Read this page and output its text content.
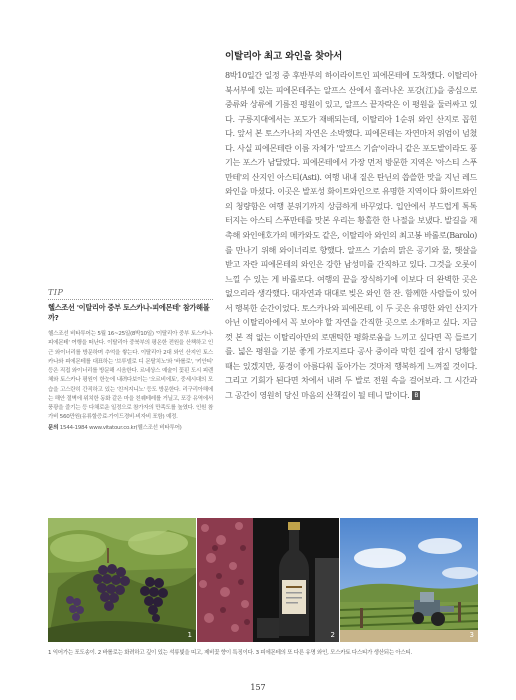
TIP

헬스조선 '이탈리아 중부 토스카나-피에몬테' 참가해볼까?

헬스조선 비타투어는 5월 16~25일(8박10일) '이탈리아 중부 토스카나-피에몬테' 여행을 떠난다. 이탈리아 중북부의 평온한 전원을 산책하고 인근 와이너리를 방문하며 추억을 쌓는다. 이탈리아 2대 와인 산지인 토스카나와 피에몬테를 대표하는 '브루넬로 디 몬탈치노'와 '바롤로', '키안티' 등은 직접 와이너리를 방문해 시음한다. 르네상스 예술이 꽃핀 도시 피렌체와 토스카나 평원이 한눈에 내려다보이는 '오르비에토', 중세시대의 모습을 고스란히 간직하고 있는 '친저지니노' 등도 방문한다. 리구리아해에는 해안 절벽에 위치한 동화 같은 마을 친퀘테레를 거닐고, 포강 유역에서 풍광을 즐기는 등 다채로운 일정으로 참가자의 만족도를 높였다. 인원 참가비 560만원(유류할증료·가이드경비·비자비 포함) 예정.

문의 1544-1984 www.vitatour.co.kr(헬스조선 비타투어)
이탈리아 최고 와인을 찾아서

8박10일간 일정 중 후반부의 하이라이트인 피에몬테에 도착했다. 이탈리아 북서부에 있는 피에몬테주는 알프스 산에서 흘러나온 포강(江)을 중심으로 중류와 상류에 기름진 평원이 있고, 알프스 끝자락은 이 평원을 둘러싸고 있다. 구릉지대에서는 포도가 재배되는데, 이탈리아 1순위 와인 산지로 꼽힌다. 앞서 본 토스카나의 자연은 소박했다. 피에몬테는 자연마저 위엄이 넘쳤다. 사실 피에몬테란 이름 자체가 '알프스 기슭'이라니 같은 포도밭이라도 풍기는 포스가 남달랐다. 피에몬테에서 가장 먼저 방문한 지역은 '아스티 스푸만테'의 산지인 아스티(Asti). 여행 내내 짙은 탄닌의 씁쓸한 맛을 지닌 레드와인을 마셨다. 이곳은 발포성 화이트와인으로 유명한 지역이다 화이트와인의 청량함은 여행 분위기까지 상큼하게 바꾸었다. 입안에서 부드럽게 톡톡 터지는 아스티 스푸만테를 맛본 우리는 황홀한 한 나절을 보냈다. 발길을 재촉해 와인애호가의 메카와도 같은, 이탈리아 와인의 최고봉 바롤로(Barolo)를 만나기 위해 와이너리로 향했다. 알프스 기슭의 맑은 공기와 물, 햇살을 받고 자란 피에몬테의 와인은 강한 남성미를 간직하고 있다. 그것을 오롯이 느낄 수 있는 게 바롤로다. 여행의 끝을 장식하기에 이보다 더 완벽한 곳은 없으리라 생각했다. 대자연과 대대로 빚은 와인 한 잔. 함께한 사람들이 있어서 행복한 순간이었다. 토스카나와 피에몬테, 이 두 곳은 유명한 와인 산지가 아닌 이탈리아에서 꼭 보아야 할 자연을 간직한 곳으로 소개하고 싶다. 지금껏 본 적 없는 이탈리아만의 로맨틱한 평화로움을 느끼고 싶다면 꼭 들르기를. 넓은 평원을 기분 좋게 가로지르다 공사 중이라 막힌 길에 잠시 당황할 때는 있겠지만, 풍경이 아름다워 돌아가는 것마저 행복하게 느껴질 것이다. 그리고 기회가 된다면 차에서 내려 두 발로 전원 속을 걸어보라. 그 시간과 그 공간이 영원히 당신 마음의 산책길이 될 테니 말이다. B

1	2	3
1 익어가는 포도송이. 2 바롤로는 화려하고 깊이 있는 석류빛을 띠고, 제비꽃 향이 특징이다. 3 피에몬테의 또 다른 유명 와인, 모스카토 다스티가 생산되는 아스티.
157
